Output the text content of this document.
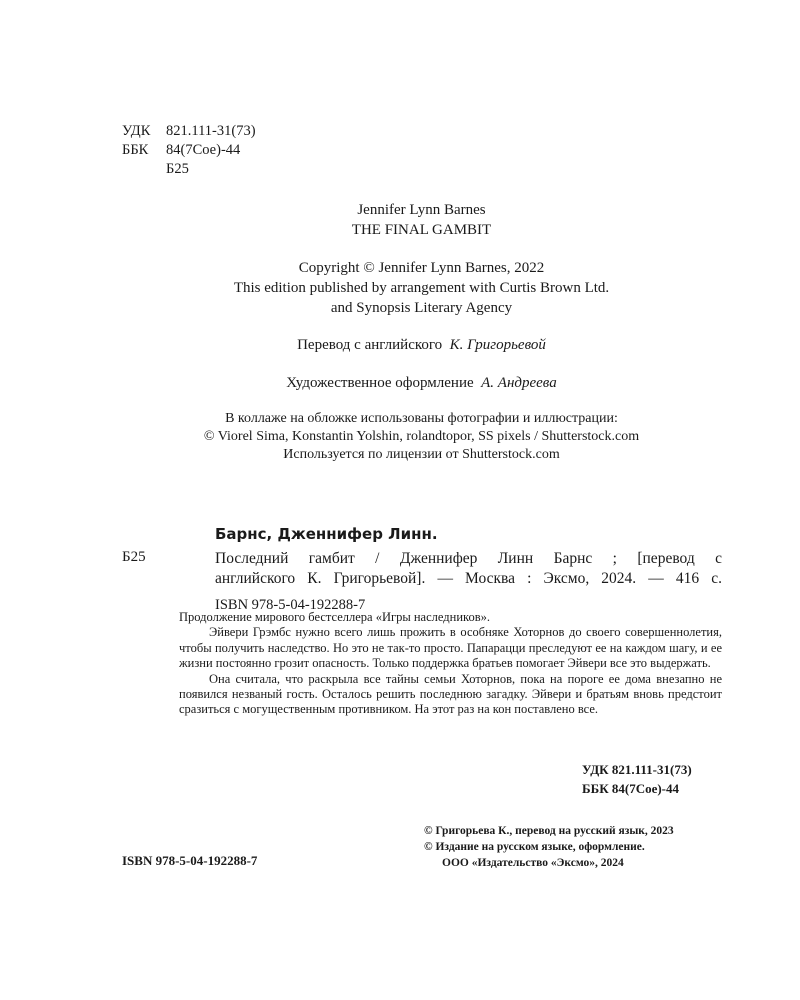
УДК 821.111-31(73)
ББК 84(7Сое)-44
Б25
Jennifer Lynn Barnes
THE FINAL GAMBIT
Copyright © Jennifer Lynn Barnes, 2022
This edition published by arrangement with Curtis Brown Ltd.
and Synopsis Literary Agency
Перевод с английского К. Григорьевой
Художественное оформление А. Андреева
В коллаже на обложке использованы фотографии и иллюстрации:
© Viorel Sima, Konstantin Yolshin, rolandtopor, SS pixels / Shutterstock.com
Используется по лицензии от Shutterstock.com
Барнс, Дженнифер Линн.
Б25	Последний гамбит / Дженнифер Линн Барнс ; [перевод с
английского К. Григорьевой]. — Москва : Эксмо, 2024. — 416 с.
ISBN 978-5-04-192288-7

Продолжение мирового бестселлера «Игры наследников».

Эйвери Грэмбс нужно всего лишь прожить в особняке Хоторнов до своего совершеннолетия, чтобы получить наследство. Но это не так-то просто. Папарацци преследуют ее на каждом шагу, и ее жизни постоянно грозит опасность. Только поддержка братьев помогает Эйвери все это выдержать.

Она считала, что раскрыла все тайны семьи Хоторнов, пока на пороге ее дома внезапно не появился незваный гость. Осталось решить последнюю загадку. Эйвери и братьям вновь предстоит сразиться с могущественным противником. На этот раз на кон поставлено все.

УДК 821.111-31(73)
ББК 84(7Сое)-44
© Григорьева К., перевод на русский язык, 2023
© Издание на русском языке, оформление.
ООО «Издательство «Эксмо», 2024
ISBN 978-5-04-192288-7
